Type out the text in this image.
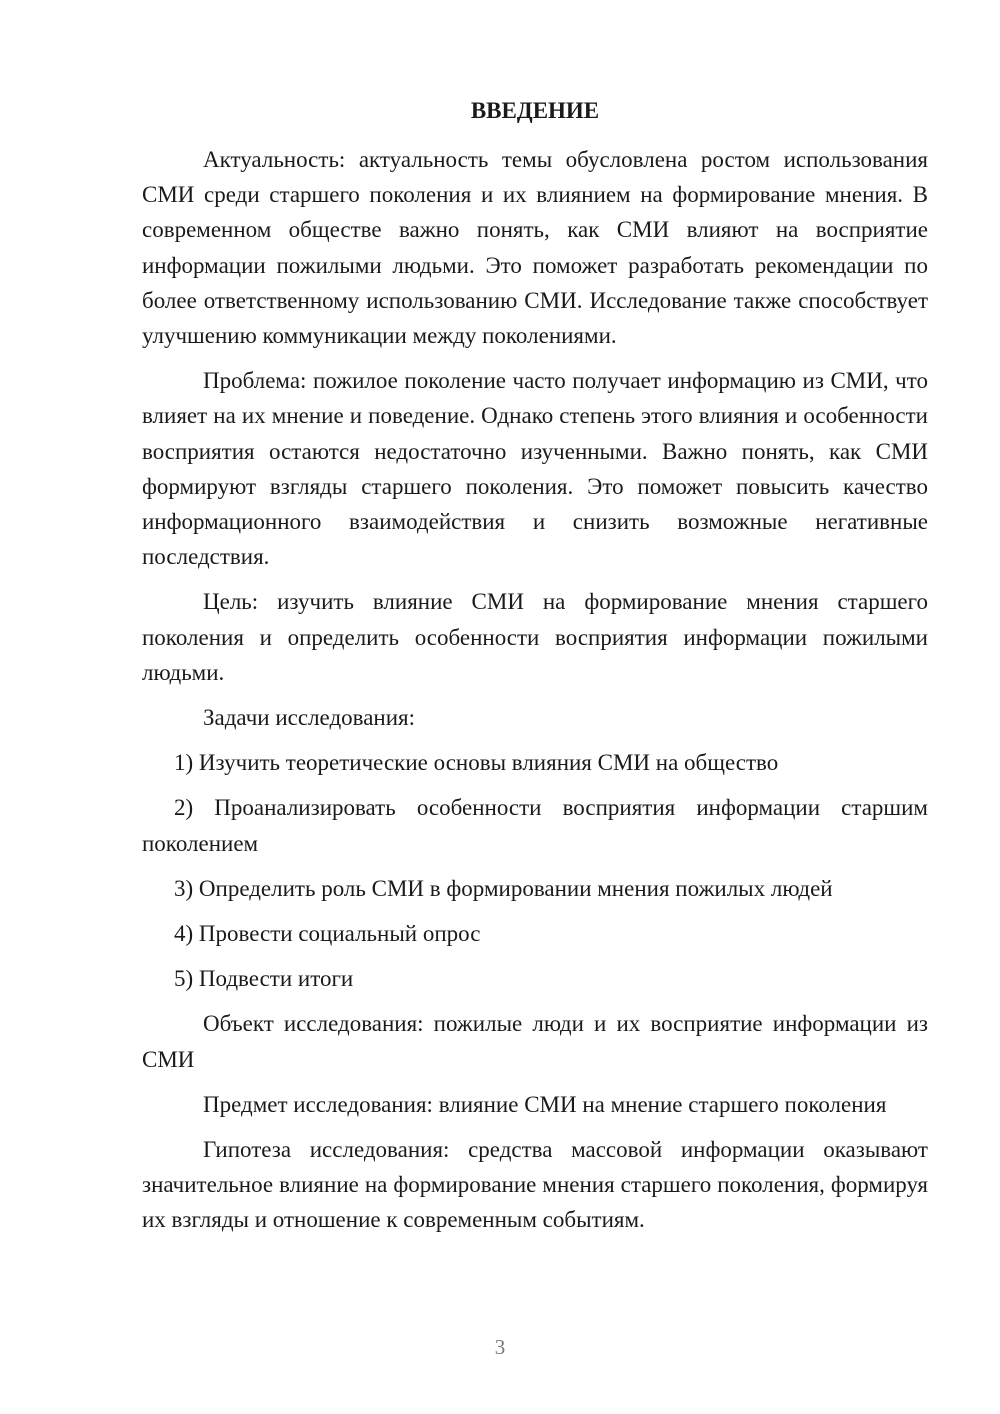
ВВЕДЕНИЕ

Актуальность: актуальность темы обусловлена ростом использования СМИ среди старшего поколения и их влиянием на формирование мнения. В современном обществе важно понять, как СМИ влияют на восприятие информации пожилыми людьми. Это поможет разработать рекомендации по более ответственному использованию СМИ. Исследование также способствует улучшению коммуникации между поколениями.

Проблема: пожилое поколение часто получает информацию из СМИ, что влияет на их мнение и поведение. Однако степень этого влияния и особенности восприятия остаются недостаточно изученными. Важно понять, как СМИ формируют взгляды старшего поколения. Это поможет повысить качество информационного взаимодействия и снизить возможные негативные последствия.

Цель: изучить влияние СМИ на формирование мнения старшего поколения и определить особенности восприятия информации пожилыми людьми.

Задачи исследования:

1) Изучить теоретические основы влияния СМИ на общество

2) Проанализировать особенности восприятия информации старшим поколением

3) Определить роль СМИ в формировании мнения пожилых людей

4) Провести социальный опрос

5) Подвести итоги

Объект исследования: пожилые люди и их восприятие информации из СМИ

Предмет исследования: влияние СМИ на мнение старшего поколения

Гипотеза исследования: средства массовой информации оказывают значительное влияние на формирование мнения старшего поколения, формируя их взгляды и отношение к современным событиям.

3
